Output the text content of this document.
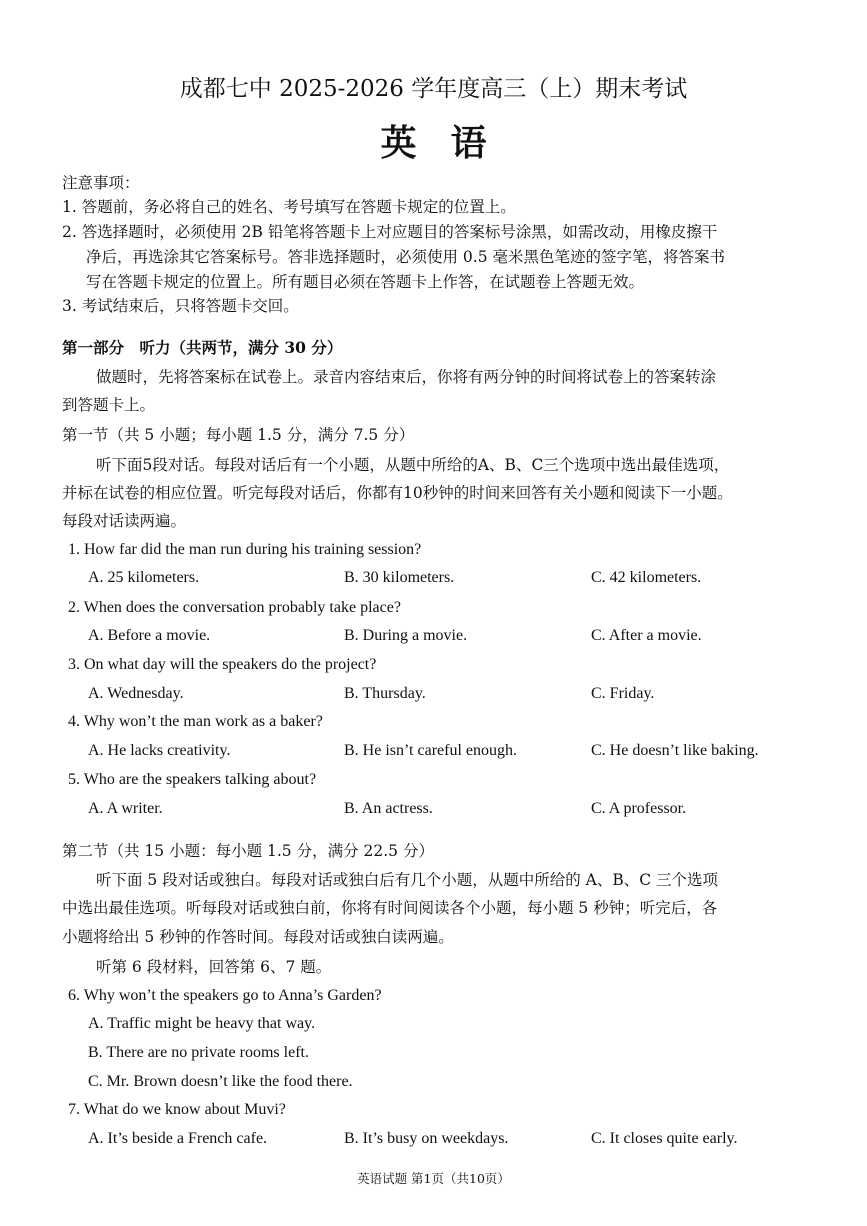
成都七中 2025-2026 学年度高三（上）期末考试
英语
注意事项：
1. 答题前，务必将自己的姓名、考号填写在答题卡规定的位置上。
2. 答选择题时，必须使用 2B 铅笔将答题卡上对应题目的答案标号涂黑，如需改动，用橡皮擦干
净后，再选涂其它答案标号。答非选择题时，必须使用 0.5 毫米黑色笔迹的签字笔，将答案书
写在答题卡规定的位置上。所有题目必须在答题卡上作答，在试题卷上答题无效。
3. 考试结束后，只将答题卡交回。
第一部分　听力（共两节，满分 30 分）
做题时，先将答案标在试卷上。录音内容结束后，你将有两分钟的时间将试卷上的答案转涂
到答题卡上。
第一节（共 5 小题；每小题 1.5 分，满分 7.5 分）
听下面5段对话。每段对话后有一个小题，从题中所给的A、B、C三个选项中选出最佳选项，
并标在试卷的相应位置。听完每段对话后，你都有10秒钟的时间来回答有关小题和阅读下一小题。
每段对话读两遍。
1. How far did the man run during his training session?
A. 25 kilometers.	B. 30 kilometers.	C. 42 kilometers.
2. When does the conversation probably take place?
A. Before a movie.	B. During a movie.	C. After a movie.
3. On what day will the speakers do the project?
A. Wednesday.	B. Thursday.	C. Friday.
4. Why won’t the man work as a baker?
A. He lacks creativity.	B. He isn’t careful enough.	C. He doesn’t like baking.
5. Who are the speakers talking about?
A. A writer.	B. An actress.	C. A professor.
第二节（共 15 小题：每小题 1.5 分，满分 22.5 分）
听下面 5 段对话或独白。每段对话或独白后有几个小题，从题中所给的 A、B、C 三个选项
中选出最佳选项。听每段对话或独白前，你将有时间阅读各个小题，每小题 5 秒钟；听完后，各
小题将给出 5 秒钟的作答时间。每段对话或独白读两遍。
听第 6 段材料，回答第 6、7 题。
6. Why won’t the speakers go to Anna’s Garden?
A. Traffic might be heavy that way.
B. There are no private rooms left.
C. Mr. Brown doesn’t like the food there.
7. What do we know about Muvi?
A. It’s beside a French cafe.	B. It’s busy on weekdays.	C. It closes quite early.
英语试题 第1页（共10页）
